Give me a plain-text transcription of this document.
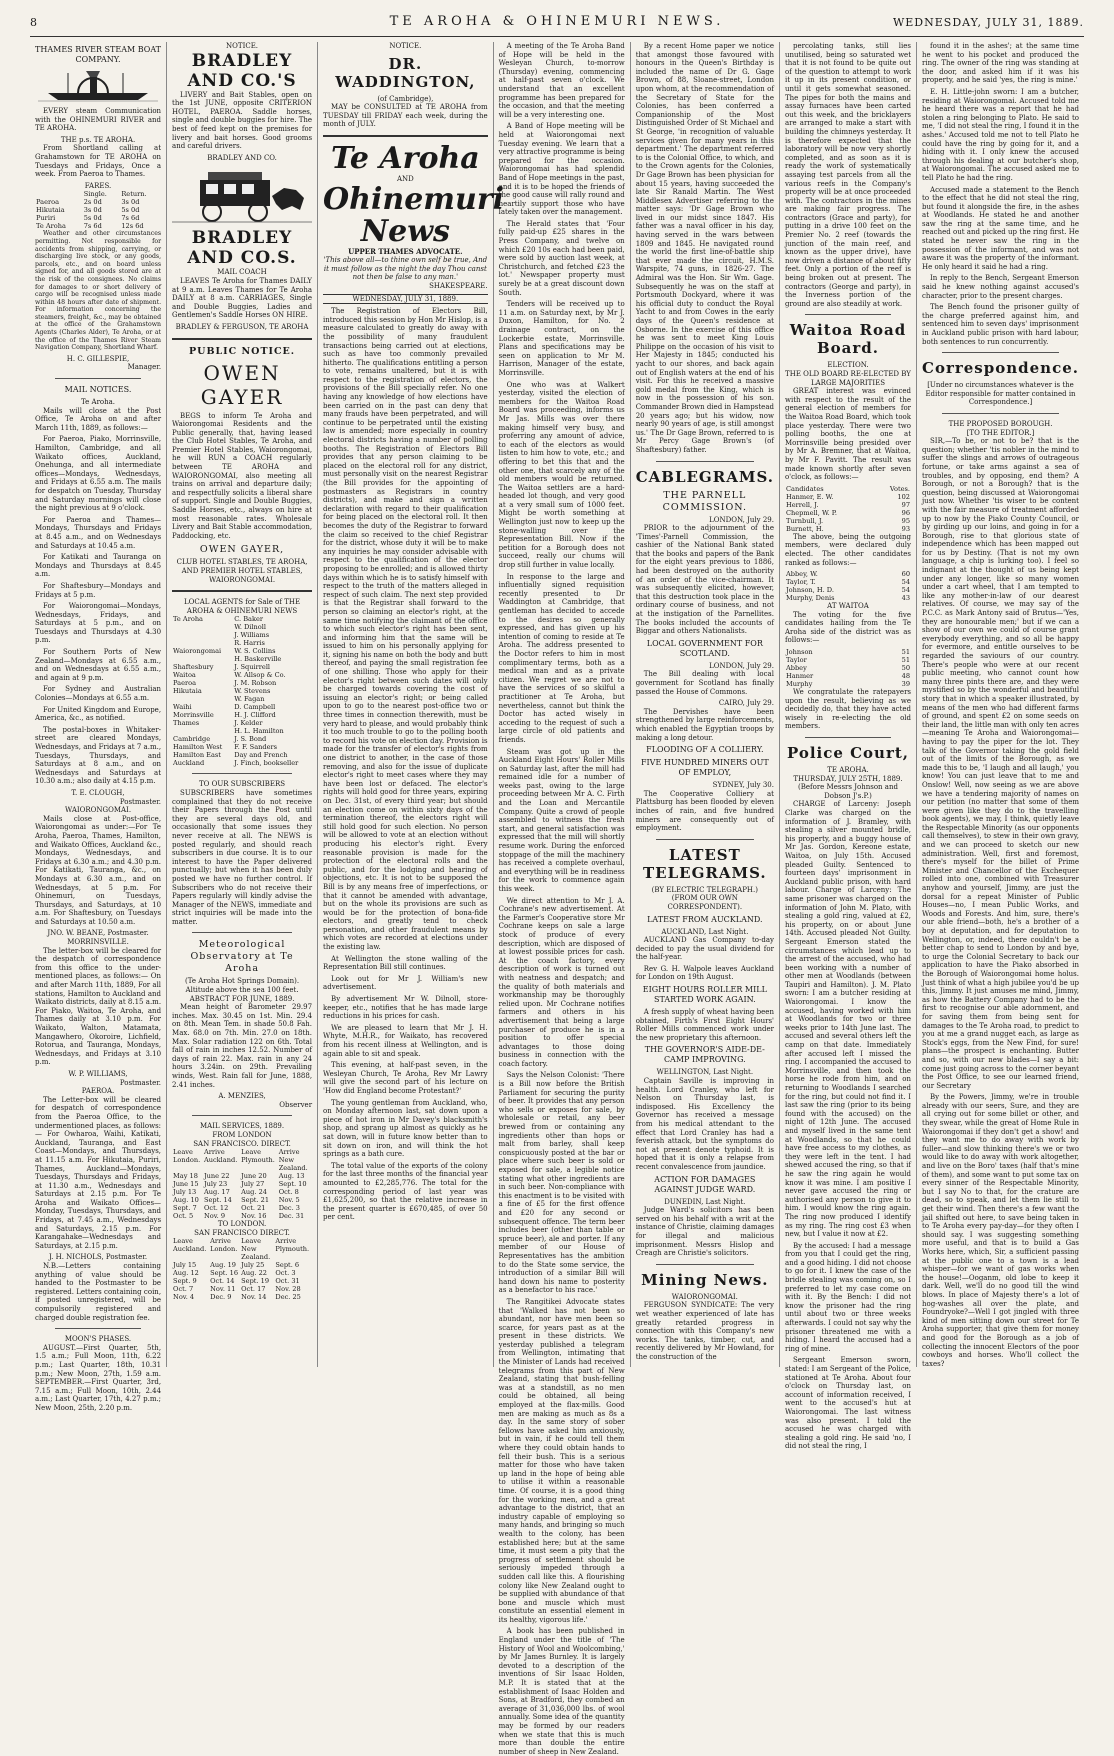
8	TE AROHA & OHINEMURI NEWS.	WEDNESDAY, JULY 31, 1889.
THAMES RIVER STEAM BOAT COMPANY.

EVERY steam Communication with the OHINEMURI RIVER and TE AROHA.

THE p.s. TE AROHA.

From Shortland calling at Grahamstown for TE AROHA on Tuesdays and Fridays, Once a week. From Paeroa to Thames.

FARES.
	Single.	Return.
Paeroa	2s 0d	3s 0d
Hikutaia	3s 0d	5s 0d
Puriri	5s 0d	7s 6d
Te Aroha	7s 6d	12s 6d

Weather and other circumstances permitting. Not responsible for accidents from shipping, carrying, or discharging live stock, or any goods, parcels, etc., and on board unless signed for, and all goods stored are at the risk of the consignees. No claims for damages to or short delivery of cargo will be recognised unless made within 48 hours after date of shipment. For information concerning the steamers, freight, &c., may be obtained at the office of the Grahamstown Agents (Charles Alder), Te Aroha, or at the office of the Thames River Steam Navigation Company, Shortland Wharf.

H. C. GILLESPIE,
Manager.
MAIL NOTICES.
Te Aroha.

Mails will close at the Post Office, Te Aroha on and after March 11th, 1889, as follows:—

For Paeroa, Piako, Morrinsville, Hamilton, Cambridge, and all Waikato offices, Auckland, Onehunga, and all intermediate offices—Mondays, Wednesdays, and Fridays at 6.55 a.m. The mails for despatch on Tuesday, Thursday and Saturday mornings will close the night previous at 9 o'clock.

For Paeroa and Thames—Mondays, Thursdays and Fridays at 8.45 a.m., and on Wednesdays and Saturdays at 10.45 a.m.

For Katikati and Tauranga on Mondays and Thursdays at 8.45 a.m.

For Shaftesbury—Mondays and Fridays at 5 p.m.

For Waiorongomai—Mondays, Wednesdays, Fridays, and Saturdays at 5 p.m., and on Tuesdays and Thursdays at 4.30 p.m.

For Southern Ports of New Zealand—Mondays at 6.55 a.m., and on Wednesdays at 6.55 a.m., and again at 9 p.m.

For Sydney and Australian Colonies—Mondays at 6.55 a.m.

For United Kingdom and Europe, America, &c., as notified.

The postal-boxes in Whitaker-street are cleared Mondays, Wednesdays, and Fridays at 7 a.m., Tuesdays, Thursdays, and Saturdays at 8 a.m., and on Wednesdays and Saturdays at 10.30 a.m.; also daily at 4.15 p.m.

T. E. CLOUGH,
Postmaster.
WAIORONGOMAI.

Mails close at Post-office, Waiorongomai as under:—For Te Aroha, Paeroa, Thames, Hamilton, and Waikato Offices, Auckland &c., Mondays, Wednesdays, and Fridays at 6.30 a.m.; and 4.30 p.m. For Katikati, Tauranga, &c., on Mondays at 6.30 a.m., and on Wednesdays, at 5 p.m. For Ohinemuri, on Tuesdays, Thursdays, and Saturdays, at 10 a.m. For Shaftesbury, on Tuesdays and Saturdays at 10.50 a.m.

JNO. W. BEANE, Postmaster.
MORRINSVILLE.

The letter-box will be cleared for the despatch of correspondence from this office to the under-mentioned places, as follows:— On and after March 11th, 1889, For all stations, Hamilton to Auckland and Waikato districts, daily at 8.15 a.m. For Piako, Waitoa, Te Aroha, and Thames daily at 3.10 p.m. For Waikato, Walton, Matamata, Mangawhero, Okoroire, Lichfield, Rotorua, and Tauranga, Mondays, Wednesdays, and Fridays at 3.10 p.m.

W. P. WILLIAMS,
Postmaster.
PAEROA.

The Letter-box will be cleared for despatch of correspondence from the Paeroa Office, to the undermentioned places, as follows:— For Owharoa, Waihi, Katikati, Auckland, Tauranga, and East Coast—Mondays, and Thursdays, at 11.15 a.m. For Hikutaia, Puriri, Thames, Auckland—Mondays, Tuesdays, Thursdays and Fridays, at 11.30 a.m., Wednesdays and Saturdays at 2.15 p.m. For Te Aroha and Waikato Offices—Monday, Tuesdays, Thursdays, and Fridays, at 7.45 a.m., Wednesdays and Saturdays, 2.15 p.m. For Karangahake—Wednesdays and Saturdays, at 2.15 p.m.

J. H. NICHOLS, Postmaster.

N.B.—Letters containing anything of value should be handed to the Postmaster to be registered. Letters containing coin, if posted unregistered, will be compulsorily registered and charged double registration fee.

MOON'S PHASES.

AUGUST.—First Quarter, 5th, 1.5 a.m.; Full Moon, 11th, 6.22 p.m.; Last Quarter, 18th, 10.31 p.m.; New Moon, 27th, 1.59 a.m. SEPTEMBER.—First Quarter, 3rd, 7.15 a.m.; Full Moon, 10th, 2.44 a.m.; Last Quarter, 17th, 4.27 p.m.; New Moon, 25th, 2.20 p.m.

NOTICE.
BRADLEY AND CO.'S

LIVERY and Bait Stables, open on the 1st JUNE, opposite CRITERION HOTEL, PAEROA. Saddle horses, single and double buggies for hire. The best of feed kept on the premises for livery and bait horses. Good grooms and careful drivers.

BRADLEY AND CO.
BRADLEY AND CO.S.
MAIL COACH

LEAVES Te Aroha for Thames DAILY at 9 a.m. Leaves Thames for Te Aroha DAILY at 8 a.m. CARRIAGES, Single and Double Buggies, Ladies and Gentlemen's Saddle Horses ON HIRE.

BRADLEY & FERGUSON, TE AROHA
PUBLIC NOTICE.
OWEN GAYER

BEGS to inform Te Aroha and Waiorongomai Residents and the Public generally, that, having leased the Club Hotel Stables, Te Aroha, and Premier Hotel Stables, Waiorongomai, he will RUN a COACH regularly between TE AROHA and WAIORONGOMAI, also meeting all trains on arrival and departure daily; and respectfully solicits a liberal share of support. Single and Double Buggies, Saddle Horses, etc., always on hire at most reasonable rates. Wholesale Livery and Bait Stable accommodation, Paddocking, etc.

OWEN GAYER,
CLUB HOTEL STABLES, TE AROHA, AND PREMIER HOTEL STABLES, WAIORONGOMAI.
LOCAL AGENTS for Sale of THE AROHA & OHINEMURI NEWS
Te Aroha	C. Baker
	W. Dilnoll
	J. Williams
	R. Harris
Waiorongomai	W. S. Collins
	H. Baskerville
Shaftesbury	J. Squirrell
Waitoa	W. Allsop & Co.
Paeroa	J. M. Robson
Hikutaia	W. Stevens
	W. Fagan
Waihi	D. Campbell
Morrinsville	H. J. Clifford
Thames	J. Kelder
	H. L. Hamilton
Cambridge	J. S. Bond
Hamilton West	F. F. Sanders
Hamilton East	Day and French
Auckland	J. Finch, bookseller
TO OUR SUBSCRIBERS

SUBSCRIBERS have sometimes complained that they do not receive their Papers through the Post until they are several days old, and occasionally that some issues they never receive at all. The NEWS is posted regularly, and should reach subscribers in due course. It is to our interest to have the Paper delivered punctually; but when it has been duly posted we have no further control. If Subscribers who do not receive their Papers regularly will kindly advise the Manager of the NEWS, immediate and strict inquiries will be made into the matter.

Meteorological Observatory at Te Aroha
(Te Aroha Hot Springs Domain). Altitude above the sea 100 feet.
ABSTRACT FOR JUNE, 1889.

Mean height of Barometer 29.97 inches. Max. 30.45 on 1st. Min. 29.4 on 8th. Mean Tem. in shade 50.8 Fah. Max. 68.0 on 7th. Min. 27.0 on 18th. Max. Solar radiation 122 on 6th. Total fall of rain in inches 12.52. Number of days of rain 22. Max. rain in any 24 hours 3.24in. on 29th. Prevailing winds, West. Rain fall for June, 1888, 2.41 inches.

A. MENZIES,
Observer
MAIL SERVICES, 1889.
FROM LONDON
SAN FRANCISCO. DIRECT.
Leave London.	Arrive Auckland.	Leave Plymouth.	Arrive New Zealand.
May 18	June 22	June 20	Aug. 13
June 15	July 23	July 27	Sept. 10
July 13	Aug. 17	Aug. 24	Oct. 8
Aug. 10	Sept. 14	Sept. 21	Nov. 5
Sept. 7	Oct. 12	Oct. 21	Dec. 3
Oct. 5	Nov. 9	Nov. 16	Dec. 31
TO LONDON.
SAN FRANCISCO DIRECT.
Leave Auckland.	Arrive London.	Leave New Zealand.	Arrive Plymouth.
July 15	Aug. 19	July 25	Sept. 6
Aug. 12	Sept. 16	Aug. 22	Oct. 3
Sept. 9	Oct. 14	Sept. 19	Oct. 31
Oct. 7	Nov. 11	Oct. 17	Nov. 28
Nov. 4	Dec. 9	Nov. 14	Dec. 25
NOTICE.
DR. WADDINGTON,
(of Cambridge),

MAY be CONSULTED at TE AROHA from TUESDAY till FRIDAY each week, during the month of JULY.

Te Aroha
AND
Ohinemuri News
UPPER THAMES ADVOCATE.
'This above all—to thine own self be true, And it must follow as the night the day Thou canst not then be false to any man.'
SHAKESPEARE.
WEDNESDAY, JULY 31, 1889.

The Registration of Electors Bill, introduced this session by Hon Mr Hislop, is a measure calculated to greatly do away with the possibility of many fraudulent transactions being carried out at elections, such as have too commonly prevailed hitherto. The qualifications entitling a person to vote, remains unaltered, but it is with respect to the registration of electors, the provisions of the Bill specially refer. No one having any knowledge of how elections have been carried on in the past can deny that many frauds have been perpetrated, and will continue to be perpetrated until the existing law is amended; more especially in country electoral districts having a number of polling booths. The Registration of Electors Bill provides that any person claiming to be placed on the electoral roll for any district, must personally visit on the nearest Registrar (the Bill provides for the appointing of postmasters as Registrars in country districts), and make and sign a written declaration with regard to their qualification for being placed on the electoral roll. It then becomes the duty of the Registrar to forward the claim so received to the chief Registrar for the district, whose duty it will be to make any inquiries he may consider advisable with respect to the qualification of the elector proposing to be enrolled; and is allowed thirty days within which he is to satisfy himself with respect to the truth of the matters alleged in respect of such claim. The next step provided is that the Registrar shall forward to the person so claiming an elector's right, at the same time notifying the claimant of the office to which such elector's right has been sent, and informing him that the same will be issued to him on his personally applying for it, signing his name on both the body and butt thereof, and paying the small registration fee of one shilling. Those who apply for their elector's right between such dates will only be charged towards covering the cost of issuing an elector's right; or being called upon to go to the nearest post-office two or three times in connection therewith, must be very hard to please, and would probably think it too much trouble to go to the polling booth to record his vote on election day. Provision is made for the transfer of elector's rights from one district to another, in the case of those removing, and also for the issue of duplicate elector's right to meet cases where they may have been lost or defaced. The elector's rights will hold good for three years, expiring on Dec. 31st, of every third year; but should an election come on within sixty days of the termination thereof, the electors right will still hold good for such election. No person will be allowed to vote at an election without producing his elector's right. Every reasonable provision is made for the protection of the electoral rolls and the public, and for the lodging and hearing of objections, etc. It is not to be supposed the Bill is by any means free of imperfections, or that it cannot be amended with advantage, but on the whole its provisions are such as would be for the protection of bona-fide electors, and greatly tend to check personation, and other fraudulent means by which votes are recorded at elections under the existing law.

At Wellington the stone walling of the Representation Bill still continues.

Look out for Mr J. William's new advertisement.

By advertisement Mr W. Dilnoll, store-keeper, etc., notifies that he has made large reductions in his prices for cash.

We are pleased to learn that Mr J. H. Whyte, M.H.R., for Waikato, has recovered from his recent illness at Wellington, and is again able to sit and speak.

This evening, at half-past seven, in the Wesleyan Church, Te Aroha, Rev Mr Lawry will give the second part of his lecture on 'How did England become Protestant?'

The young gentleman from Auckland, who, on Monday afternoon last, sat down upon a piece of hot iron in Mr Davey's blacksmith's shop, and sprang up almost as quickly as he sat down, will in future know better than to sit down on iron, and will think the hot springs as a bath cure.

The total value of the exports of the colony for the last three months of the financial year amounted to £2,285,776. The total for the corresponding period of last year was £1,625,200, so that the relative increase in the present quarter is £670,485, of over 50 per cent.

A meeting of the Te Aroha Band of Hope will be held in the Wesleyan Church, to-morrow (Thursday) evening, commencing at half-past seven o'clock. We understand that an excellent programme has been prepared for the occasion, and that the meeting will be a very interesting one.

A Band of Hope meeting will be held at Waiorongomai next Tuesday evening. We learn that a very attractive programme is being prepared for the occasion. Waiorongomai has had splendid Band of Hope meetings in the past, and it is to be hoped the friends of the good cause will rally round and heartily support those who have lately taken over the management.

The Herald states that 'Four fully paid-up £25 shares in the Press Company, and twelve on which £20 10s each had been paid, were sold by auction last week, at Christchurch, and fetched £23 the lot.' Newspaper property must surely be at a great discount down South.

Tenders will be received up to 11 a.m. on Saturday next, by Mr J. Duxon, Hamilton, for No. 2 drainage contract, on the Lockerbie estate, Morrinsville. Plans and specifications may be seen on application to Mr M. Harrison, Manager of the estate, Morrinsville.

One who was at Walkert yesterday, visited the election of members for the Waitoa Road Board was proceeding, informs us Mr Jas. Mills was over there making himself very busy, and proferring any amount of advice, to each of the electors as would listen to him how to vote, etc.; and offering to bet this that and the other one, that scarcely any of the old members would be returned. The Waitoa settlers are a hard-headed lot though, and very good at a very small sum of 1000 feet. Might be worth something at Wellington just now to keep up the stone-walling over the Representation Bill. Now if the petition for a Borough does not succeed, really our chums will drop still further in value locally.

In response to the large and influentially signed requisition recently presented to Dr Waddington at Cambridge, that gentleman has decided to accede to the desires so generally expressed, and has given up his intention of coming to reside at Te Aroha. The address presented to the Doctor refers to him in most complimentary terms, both as a medical man and as a private citizen. We regret we are not to have the services of so skilful a practitioner at Te Aroha, but nevertheless, cannot but think the Doctor has acted wisely in acceding to the request of such a large circle of old patients and friends.

Steam was got up in the Auckland Eight Hours' Roller Mills on Saturday last, after the mill had remained idle for a number of weeks past, owing to the large proceeding between Mr A. C. Firth and the Loan and Mercantile Company. Quite a crowd of people assembled to witness the fresh start, and general satisfaction was expressed that the mill will shortly resume work. During the enforced stoppage of the mill the machinery has received a complete overhaul, and everything will be in readiness for the work to commence again this week.

We direct attention to Mr J. A. Cochrane's new advertisement. At the Farmer's Cooperative store Mr Cochrane keeps on sale a large stock of produce of every description, which are disposed of at lowest possible prices for cash. At the coach factory, every description of work is turned out with neatness and despatch; and the quality of both materials and workmanship may be thoroughly relied upon. Mr Cochrane notifies farmers and others in his advertisement that being a large purchaser of produce he is in a position to offer special advantages to those doing business in connection with the coach factory.

Says the Nelson Colonist: 'There is a Bill now before the British Parliament for securing the purity of beer. It provides that any person who sells or exposes for sale, by wholesale or retail, any beer brewed from or containing any ingredients other than hops or malt from barley, shall keep conspicuously posted at the bar or place where such beer is sold or exposed for sale, a legible notice stating what other ingredients are in such beer. Non-compliance with this enactment is to be visited with a fine of £5 for the first offence and £20 for any second or subsequent offence. The term beer includes beer (other than table or spruce beer), ale and porter. If any member of our House of Representatives has the ambition to do the State some service, the introduction of a similar Bill will hand down his name to posterity as a benefactor to his race.'

The Rangitikei Advocate states that 'Walked has not been so abundant, nor have men been so scarce, for years past as at the present in these districts. We yesterday published a telegram from Wellington, intimating that the Minister of Lands had received telegrams from this part of New Zealand, stating that bush-felling was at a standstill, as no men could be obtained, all being employed at the flax-mills. Good men are making as much as 8s a day. In the same story of sober fellows have asked him anxiously, but in vain, if he could tell them where they could obtain hands to fell their bush. This is a serious matter for those who have taken up land in the hope of being able to utilise it within a reasonable time. Of course, it is a good thing for the working men, and a great advantage to the district, that an industry capable of employing so many hands, and bringing so much wealth to the colony, has been established here; but at the same time, it must seem a pity that the progress of settlement should be seriously impeded through a sudden call like this. A flourishing colony like New Zealand ought to be supplied with abundance of that bone and muscle which must constitute an essential element in its healthy, vigorous life.'

A book has been published in England under the title of 'The History of Wool and Woolcombing,' by Mr James Burnley. It is largely devoted to a description of the inventions of Sir Isaac Holden, M.P. It is stated that at the establishment of Isaac Holden and Sons, at Bradford, they combed an average of 31,036,000 lbs. of wool annually. Some idea of the quantity may be formed by our readers when we state that this is much more than double the entire number of sheep in New Zealand.

By a recent Home paper we notice that amongst those favoured with honours in the Queen's Birthday is included the name of Dr G. Gage Brown, of 88, Sloane-street, London upon whom, at the recommendation of the Secretary of State for the Colonies, has been conferred a Companionship of the Most Distinguished Order of St Michael and St George, 'in recognition of valuable services given for many years in this department.' The department referred to is the Colonial Office, to which, and to the Crown agents for the Colonies, Dr Gage Brown has been physician for about 15 years, having succeeded the late Sir Ranald Martin. The West Middlesex Advertiser referring to the matter says: 'Dr Gage Brown who lived in our midst since 1847. His father was a naval officer in his day, having served in the wars between 1809 and 1845. He navigated round the world the first line-of-battle ship that ever made the circuit, H.M.S. Warspite, 74 guns, in 1826-27. The Admiral was the Hon. Sir Wm. Gage. Subsequently he was on the staff at Portsmouth Dockyard, where it was his official duty to conduct the Royal Yacht to and from Cowes in the early days of the Queen's residence at Osborne. In the exercise of this office he was sent to meet King Louis Philippe on the occasion of his visit to Her Majesty in 1845; conducted his yacht to our shores, and back again out of English waters at the end of his visit. For this he received a massive gold medal from the King, which is now in the possession of his son. Commander Brown died in Hampstead 20 years ago; but his widow, now nearly 90 years of age, is still amongst us.' The Dr Gage Brown, referred to is Mr Percy Gage Brown's (of Shaftesbury) father.

CABLEGRAMS.
THE PARNELL COMMISSION.
LONDON, July 29.

PRIOR to the adjournment of the 'Times'-Parnell Commission, the cashier of the National Bank stated that the books and papers of the Bank for the eight years previous to 1886, had been destroyed on the authority of an order of the vice-chairman. It was subsequently elicited, however, that this destruction took place in the ordinary course of business, and not at the instigation of the Parnellites. The books included the accounts of Biggar and others Nationalists.

LOCAL GOVERNMENT FOR SCOTLAND.
LONDON, July 29.

The Bill dealing with local government for Scotland has finally passed the House of Commons.

CAIRO, July 29.

The Dervishes have been strengthened by large reinforcements, which enabled the Egyptian troops by making a long detour.

FLOODING OF A COLLIERY.
FIVE HUNDRED MINERS OUT OF EMPLOY,
SYDNEY, July 30.

The Cooperative Colliery at Plattsburg has been flooded by eleven inches of rain, and five hundred miners are consequently out of employment.

LATEST TELEGRAMS.
(BY ELECTRIC TELEGRAPH.)
(FROM OUR OWN CORRESPONDENT).
LATEST FROM AUCKLAND.
AUCKLAND, Last Night.

AUCKLAND Gas Company to-day decided to pay the usual dividend for the half-year.

Rev G. H. Walpole leaves Auckland for London on 19th August.

EIGHT HOURS ROLLER MILL STARTED WORK AGAIN.

A fresh supply of wheat having been obtained, Firth's First Eight Hours' Roller Mills commenced work under the new proprietary this afternoon.

THE GOVERNOR'S AIDE-DE-CAMP IMPROVING.
WELLINGTON, Last Night.

Captain Saville is improving in health. Lord Cranley, who left for Nelson on Thursday last, is indisposed. His Excellency the Governor has received a message from his medical attendant to the effect that Lord Cranley has had a feverish attack, but the symptoms do not at present denote typhoid. It is hoped that it is only a relapse from recent convalescence from jaundice.

ACTION FOR DAMAGES AGAINST JUDGE WARD.
DUNEDIN, Last Night.

Judge Ward's solicitors has been served on his behalf with a writ at the instance of Christie, claiming damages for illegal and malicious imprisonment. Messrs Hislop and Creagh are Christie's solicitors.

Mining News.
WAIORONGOMAI.

FERGUSON SYNDICATE: The very wet weather experienced of late has greatly retarded progress in connection with this Company's new works. The tanks, timber, cut, and recently delivered by Mr Howland, for the construction of the

percolating tanks, still lies unutilised, being so saturated wet that it is not found to be quite out of the question to attempt to work it up in its present condition, or until it gets somewhat seasoned. The pipes for both the mains and assay furnaces have been carted out this week, and the bricklayers are arranged to make a start with building the chimneys yesterday. It is therefore expected that the laboratory will be now very shortly completed, and as soon as it is ready the work of systematically assaying test parcels from all the various reefs in the Company's property will be at once proceeded with. The contractors in the mines are making fair progress. The contractors (Grace and party), for putting in a drive 100 feet on the Premier No. 2 reef (towards the junction of the main reef, and known as the upper drive), have now driven a distance of about fifty feet. Only a portion of the reef is being broken out at present. The contractors (George and party), in the Inverness portion of the ground are also steadily at work.

Waitoa Road Board.
ELECTION.
THE OLD BOARD RE-ELECTED BY LARGE MAJORITIES

GREAT interest was evinced with respect to the result of the general election of members for the Waitoa Road Board, which took place yesterday. There were two polling booths, the one at Morrinsville being presided over by Mr A. Bremner, that at Waitoa, by Mr F. Pavitt. The result was made known shortly after seven o'clock, as follows:—

Candidates	Votes.
Hanmer, E. W.	102
Herrell, J.	97
Chepmell, W. P.	96
Turnbull, J.	95
Burnett, H.	93

The above, being the outgoing members, were declared duly elected. The other candidates ranked as follows:—

Abbey, W.	60
Taylor, T.	54
Johnson, H. D.	54
Murphy, Denis	43
AT WAITOA

The voting for the five candidates hailing from the Te Aroha side of the district was as follows:—

Johnson	51
Taylor	51
Abbey	50
Hanmer	48
Murphy	39

We congratulate the ratepayers upon the result, believing as we decidedly do, that they have acted wisely in re-electing the old members.

Police Court,
TE AROHA.
THURSDAY, JULY 25TH, 1889.
(Before Messrs Johnson and Dobson J's.P.)

CHARGE of Larceny: Joseph Clarke was charged on the information of J. Bramley, with stealing a silver mounted bridle, his property, and a buggy house of Mr Jas. Gordon, Kereone estate, Waitoa, on July 15th. Accused pleaded Guilty. Sentenced to fourteen days' imprisonment in Auckland public prison, with hard labour. Charge of Larceny: The same prisoner was charged on the information of John M. Plato, with stealing a gold ring, valued at £2, his property, on or about June 14th. Accused pleaded Not Guilty. Sergeant Emerson stated the circumstances which lead up to the arrest of the accused, who had been working with a number of other men at Woodlands (between Taupiri and Hamilton). J. M. Plato sworn: I am a butcher residing at Waiorongomai. I know the accused, having worked with him at Woodlands for two or three weeks prior to 14th June last. The accused and several others left the camp on that date. Immediately after accused left I missed the ring. I accompanied the accused to Morrinsville, and then took the horse he rode from him, and on returning to Woodlands I searched for the ring, but could not find it. I last saw the ring (prior to its being found with the accused) on the night of 12th June. The accused and myself lived in the same tent at Woodlands, so that he could have free access to my clothes, as they were left in the tent. I had shewed accused the ring, so that if he saw the ring again he would know it was mine. I am positive I never gave accused the ring or authorised any person to give it to him. I would know the ring again. The ring now produced I identify as my ring. The ring cost £3 when new, but I value it now at £2.

By the accused: I had a message from you that I could get the ring, and a good hiding. I did not choose to go for it. I knew the case of the bridle stealing was coming on, so I preferred to let my case come on with it. By the Bench: I did not know the prisoner had the ring until about two or three weeks afterwards. I could not say why the prisoner threatened me with a hiding. I heard the accused had a ring of mine.

Sergeant Emerson sworn, stated: I am Sergeant of the Police, stationed at Te Aroha. About four o'clock on Thursday last, on account of information received, I went to the accused's hut at Waiorongomai. The last witness was also present. I told the accused he was charged with stealing a gold ring. He said 'no, I did not steal the ring, I

found it in the ashes'; at the same time he went to his pocket and produced the ring. The owner of the ring was standing at the door, and asked him if it was his property, and he said 'yes, the ring is mine.'

E. H. Little-john sworn: I am a butcher, residing at Waiorongomai. Accused told me he heard there was a report that he had stolen a ring belonging to Plato. He said to me, 'I did not steal the ring, I found it in the ashes.' Accused told me not to tell Plato he could have the ring by going for it, and a hiding with it. I only knew the accused through his dealing at our butcher's shop, at Waiorongomai. The accused asked me to tell Plato he had the ring.

Accused made a statement to the Bench to the effect that he did not steal the ring, but found it alongside the fire, in the ashes at Woodlands. He stated he and another saw the ring at the same time, and he reached out and picked up the ring first. He stated he never saw the ring in the possession of the informant, and was not aware it was the property of the informant. He only heard it said he had a ring.

In reply to the Bench, Sergeant Emerson said he knew nothing against accused's character, prior to the present charges.

The Bench found the prisoner guilty of the charge preferred against him, and sentenced him to seven days' imprisonment in Auckland public prison with hard labour, both sentences to run concurrently.

Correspondence.
[Under no circumstances whatever is the Editor responsible for matter contained in Correspondence.]
THE PROPOSED BOROUGH.
[TO THE EDITOR.]

SIR,—To be, or not to be? that is the question; whether 'tis nobler in the mind to suffer the slings and arrows of outrageous fortune, or take arms against a sea of troubles, and by opposing, end them? A Borough, or not a Borough? that is the question, being discussed at Waiorongomai just now. Whether 'tis wiser to be content with the fair measure of treatment afforded up to now by the Piako County Council, or by girding up our loins, and going in for a Borough, rise to that glorious state of independence which has been mapped out for us by Destiny. (That is not my own language, a chip is lurking too). I feel so indignant at the thought of us being kept under any longer, like so many women under a cart wheel, that I am tempted to like any mother-in-law of our dearest relatives. Of course, we may say of the P.C.C. as Mark Antony said of Brutus—'Yes, they are honourable men;' but if we can a show of our own we could of course grant everybody everything, and so all be happy for evermore, and entitle ourselves to be regarded the saviours of our country. There's people who were at our recent public meeting, who cannot count how many three pints there are, and they were mystified so by the wonderful and beautiful story that in which a speaker illustrated, by means of the men who had different farms of ground, and spent £2 on some seeds on their land, the little man with only ten acres—meaning Te Aroha and Waiorongomai—having to pay the piper for the lot. They talk of the Governor taking the gold field out of the limits of the Borough, as we made this to be, 'I laugh and all laugh,' you know! You can just leave that to me and Onslow! Well, now seeing as we are above we have a tendering majority of names on our petition (no matter that some of them were given like they do to the travelling book agents), we may, I think, quietly leave the Respectable Minority (as our opponents call themselves), to stew in their own gravy, and we can proceed to sketch our new administration. Well, first and foremost, there's myself for the billet of Prime Minister and Chancellor of the Exchequer rolled into one, combined with Treasurer anyhow and yourself, Jimmy, are just the dorsal for a repeat Minister of Public Houses—no, I mean Public Works, and Woods and Forests. And him, sure, there's our able friend—both, he's a brother of a boy at deputation, and for deputation to Wellington, or, indeed, there couldn't be a better chap to send to London by and bye, to urge the Colonial Secretary to back our application to have the Piako absorbed in the Borough of Waiorongomai home holus. Just think of what a high jubilee you'd be up this, Jimmy. It just amuses me mind, Jimmy, as how the Battery Company had to be the first to recognise our able adornment, and for saving them from being sent for damages to the Te Aroha road, to predict to you at me a grand nugget each, as large as Stock's eggs, from the New Find, for sure! plans—the prospect is enchanting. Butter and so, with our new blades—I say a bit: come just going across to the corner beyant the Post Office, to see our learned friend, our Secretary

By the Powers, Jimmy, we're in trouble already with our seers, Sure, and they are all crying out for some billet or other, and they swear, while the great of Home Rule in Waiorongomai if they don't get a show! and they want me to do away with work by fuller—and slow thinking there's we or two would like to do away with work altogether, and live on the Boro' taxes (half that's mine of them), and some want to put some tax on every sinner of the Respectable Minority, but I say No to that, for the crature are dead, so to speak, and let them lie still to get their wind. Then there's a few want the jail shifted out here, to save being taken in to Te Aroha every pay-day—for they often I should say. I was suggesting something more useful, and that is to build a Gas Works here, which, Sir, a sufficient passing at the public one to a town is a lead whisper—for we want of gas works when the house!—Ooganm, old lobe to keep it dark. Well, we'll do no good till the wind blows. In place of Majesty there's a lot of hog-washes all over the plate, and Foundryoke?—Well I got jingled with three kind of men sitting down our street for Te Aroha supporter, that give them for money and good for the Borough as a job of collecting the innocent Electors of the poor cowboys and horses. Who'll collect the taxes?
